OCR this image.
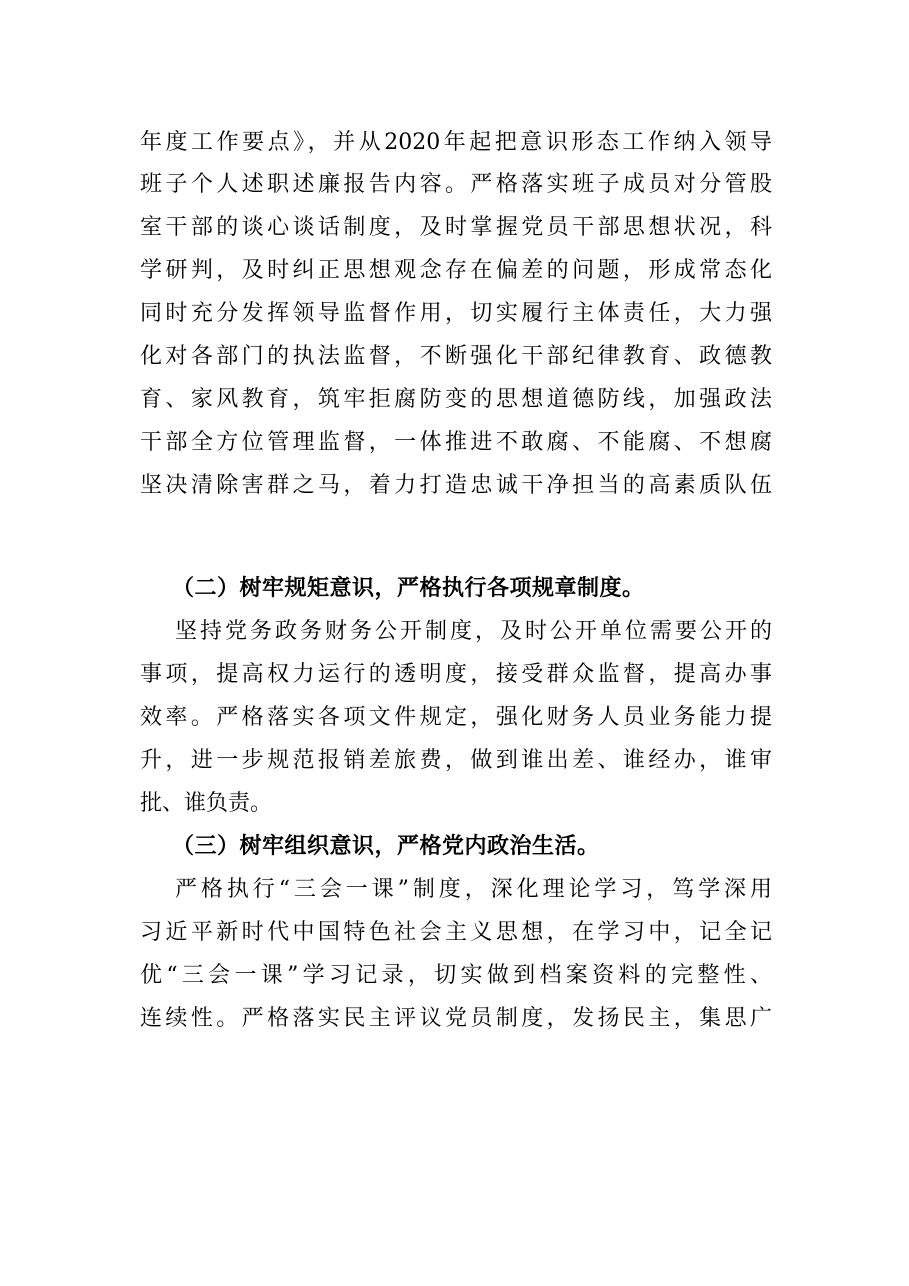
年度工作要点》，并从2020年起把意识形态工作纳入领导
班子个人述职述廉报告内容。严格落实班子成员对分管股
室干部的谈心谈话制度，及时掌握党员干部思想状况，科
学研判，及时纠正思想观念存在偏差的问题，形成常态化
同时充分发挥领导监督作用，切实履行主体责任，大力强
化对各部门的执法监督，不断强化干部纪律教育、政德教
育、家风教育，筑牢拒腐防变的思想道德防线，加强政法
干部全方位管理监督，一体推进不敢腐、不能腐、不想腐
坚决清除害群之马，着力打造忠诚干净担当的高素质队伍
（二）树牢规矩意识，严格执行各项规章制度。
坚持党务政务财务公开制度，及时公开单位需要公开的
事项，提高权力运行的透明度，接受群众监督，提高办事
效率。严格落实各项文件规定，强化财务人员业务能力提
升，进一步规范报销差旅费，做到谁出差、谁经办，谁审
批、谁负责。
（三）树牢组织意识，严格党内政治生活。
严格执行“三会一课”制度，深化理论学习，笃学深用
习近平新时代中国特色社会主义思想，在学习中，记全记
优“三会一课”学习记录，切实做到档案资料的完整性、
连续性。严格落实民主评议党员制度，发扬民主，集思广
